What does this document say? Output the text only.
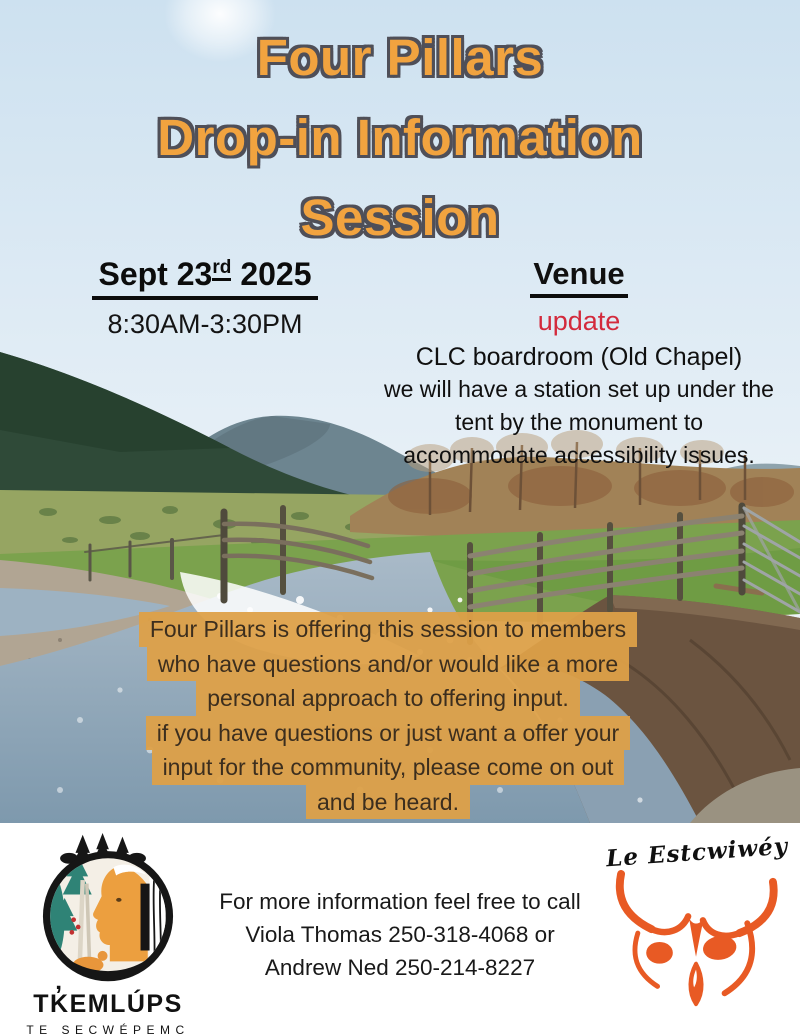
Four Pillars
Drop-in Information
Session
Sept 23rd 2025
8:30AM-3:30PM
Venue
update
CLC boardroom (Old Chapel)
we will have a station set up under the
tent by the monument to
accommodate accessibility issues.
Four Pillars is offering this session to members
who have questions and/or would like a more
personal approach to offering input.
if you have questions or just want a offer your
input for the community, please come on out
and be heard.
TK̓EMLÚPS
TE SECWÉPEMC
For more information feel free to call
Viola Thomas 250-318-4068 or
Andrew Ned 250-214-8227
Le Estcwiwéy
